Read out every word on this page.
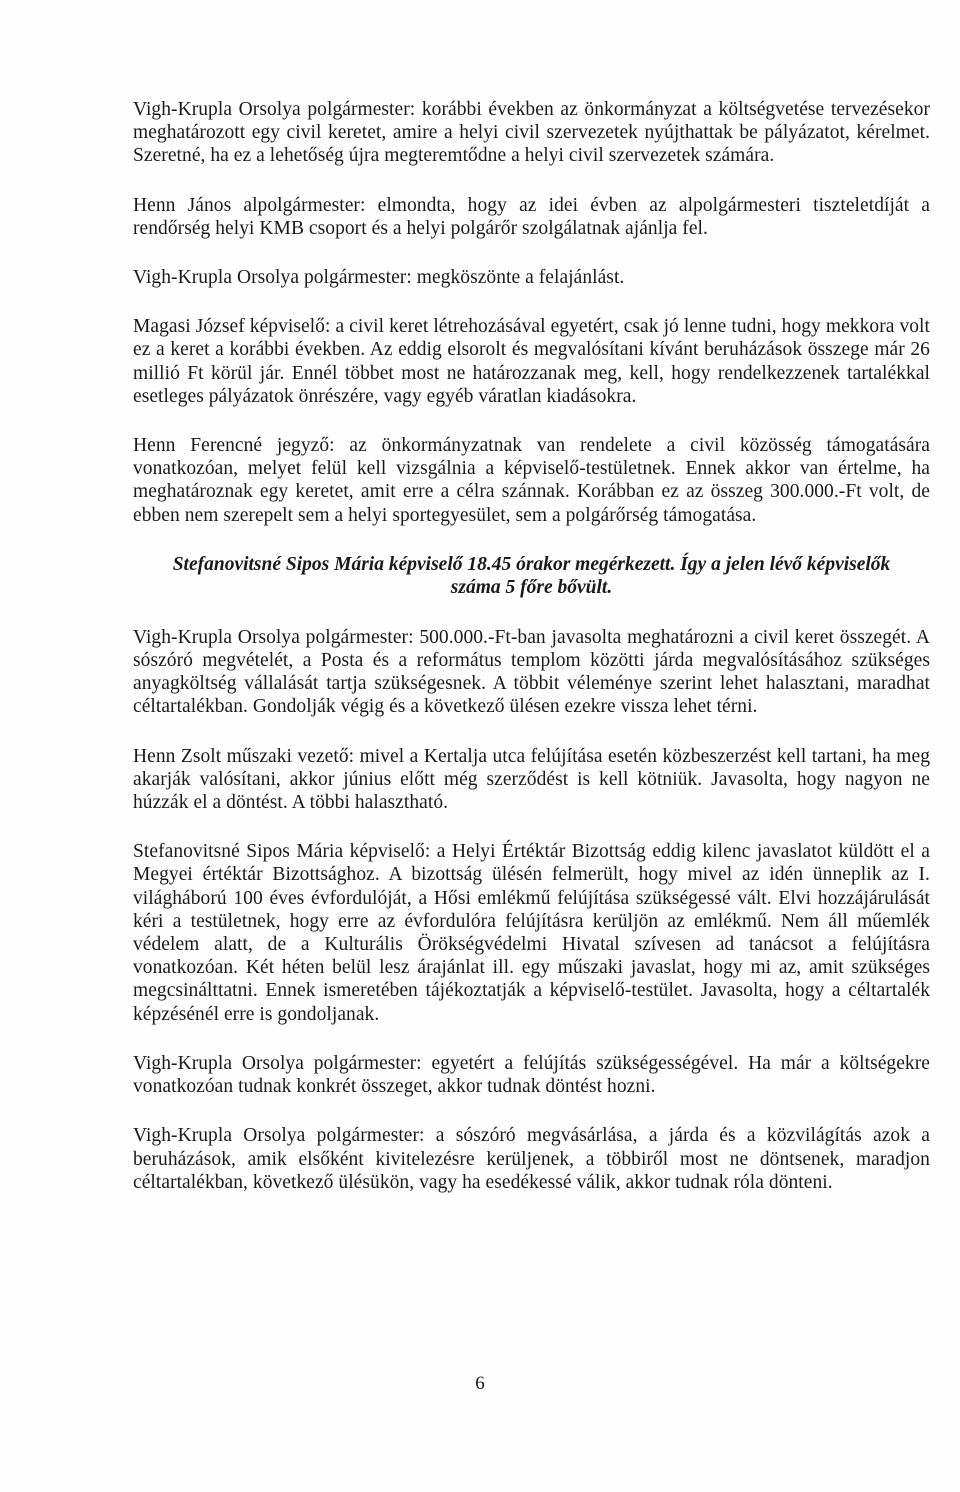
Vigh-Krupla Orsolya polgármester: korábbi években az önkormányzat a költségvetése tervezésekor meghatározott egy civil keretet, amire a helyi civil szervezetek nyújthattak be pályázatot, kérelmet. Szeretné, ha ez a lehetőség újra megteremtődne a helyi civil szervezetek számára.

Henn János alpolgármester: elmondta, hogy az idei évben az alpolgármesteri tiszteletdíját a rendőrség helyi KMB csoport és a helyi polgárőr szolgálatnak ajánlja fel.

Vigh-Krupla Orsolya polgármester: megköszönte a felajánlást.

Magasi József képviselő: a civil keret létrehozásával egyetért, csak jó lenne tudni, hogy mekkora volt ez a keret a korábbi években. Az eddig elsorolt és megvalósítani kívánt beruházások összege már 26 millió Ft körül jár. Ennél többet most ne határozzanak meg, kell, hogy rendelkezzenek tartalékkal esetleges pályázatok önrészére, vagy egyéb váratlan kiadásokra.

Henn Ferencné jegyző: az önkormányzatnak van rendelete a civil közösség támogatására vonatkozóan, melyet felül kell vizsgálnia a képviselő-testületnek. Ennek akkor van értelme, ha meghatároznak egy keretet, amit erre a célra szánnak. Korábban ez az összeg 300.000.-Ft volt, de ebben nem szerepelt sem a helyi sportegyesület, sem a polgárőrség támogatása.

Stefanovitsné Sipos Mária képviselő 18.45 órakor megérkezett. Így a jelen lévő képviselők
száma 5 főre bővült.

Vigh-Krupla Orsolya polgármester: 500.000.-Ft-ban javasolta meghatározni a civil keret összegét. A sószóró megvételét, a Posta és a református templom közötti járda megvalósításához szükséges anyagköltség vállalását tartja szükségesnek. A többit véleménye szerint lehet halasztani, maradhat céltartalékban. Gondolják végig és a következő ülésen ezekre vissza lehet térni.

Henn Zsolt műszaki vezető: mivel a Kertalja utca felújítása esetén közbeszerzést kell tartani, ha meg akarják valósítani, akkor június előtt még szerződést is kell kötniük. Javasolta, hogy nagyon ne húzzák el a döntést. A többi halasztható.

Stefanovitsné Sipos Mária képviselő: a Helyi Értéktár Bizottság eddig kilenc javaslatot küldött el a Megyei értéktár Bizottsághoz. A bizottság ülésén felmerült, hogy mivel az idén ünneplik az I. világháború 100 éves évfordulóját, a Hősi emlékmű felújítása szükségessé vált. Elvi hozzájárulását kéri a testületnek, hogy erre az évfordulóra felújításra kerüljön az emlékmű. Nem áll műemlék védelem alatt, de a Kulturális Örökségvédelmi Hivatal szívesen ad tanácsot a felújításra vonatkozóan. Két héten belül lesz árajánlat ill. egy műszaki javaslat, hogy mi az, amit szükséges megcsinálttatni. Ennek ismeretében tájékoztatják a képviselő-testület. Javasolta, hogy a céltartalék képzésénél erre is gondoljanak.

Vigh-Krupla Orsolya polgármester: egyetért a felújítás szükségességével. Ha már a költségekre vonatkozóan tudnak konkrét összeget, akkor tudnak döntést hozni.

Vigh-Krupla Orsolya polgármester: a sószóró megvásárlása, a járda és a közvilágítás azok a beruházások, amik elsőként kivitelezésre kerüljenek, a többiről most ne döntsenek, maradjon céltartalékban, következő ülésükön, vagy ha esedékessé válik, akkor tudnak róla dönteni.

6
